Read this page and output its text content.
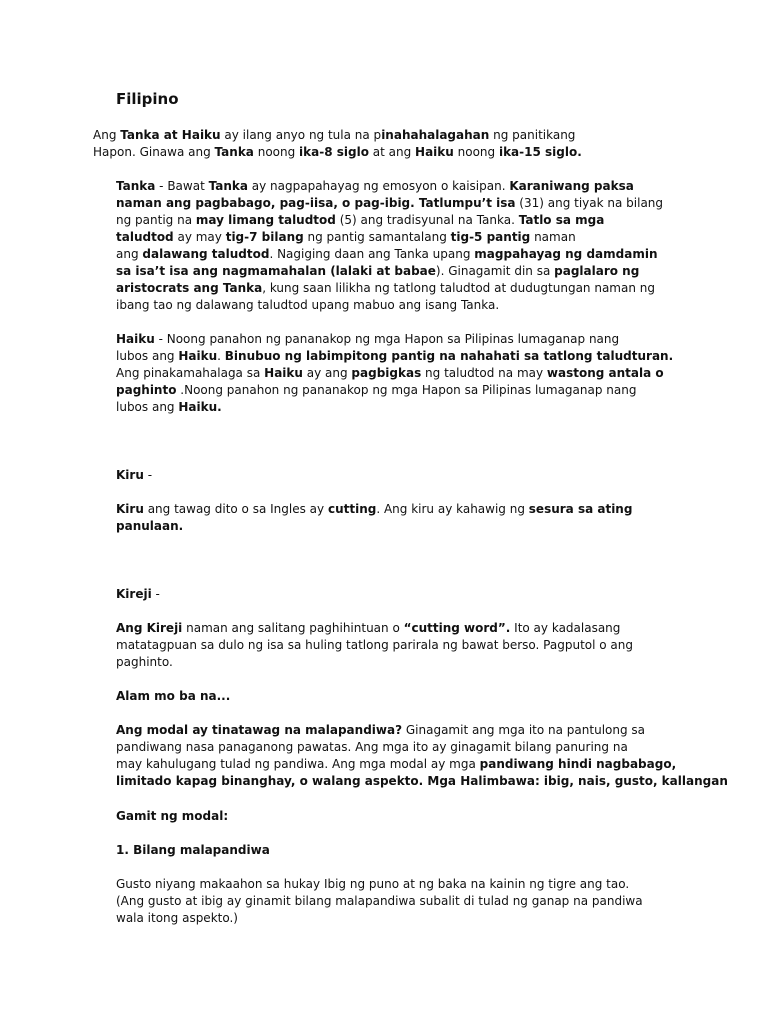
Filipino
Ang Tanka at Haiku ay ilang anyo ng tula na pinahahalagahan ng panitikang
Hapon. Ginawa ang Tanka noong ika-8 siglo at ang Haiku noong ika-15 siglo.
Tanka - Bawat Tanka ay nagpapahayag ng emosyon o kaisipan. Karaniwang paksa
naman ang pagbabago, pag-iisa, o pag-ibig. Tatlumpu’t isa (31) ang tiyak na bilang
ng pantig na may limang taludtod (5) ang tradisyunal na Tanka. Tatlo sa mga
taludtod ay may tig-7 bilang ng pantig samantalang tig-5 pantig naman
ang dalawang taludtod. Nagiging daan ang Tanka upang magpahayag ng damdamin
sa isa’t isa ang nagmamahalan (lalaki at babae). Ginagamit din sa paglalaro ng
aristocrats ang Tanka, kung saan lilikha ng tatlong taludtod at dudugtungan naman ng
ibang tao ng dalawang taludtod upang mabuo ang isang Tanka.
Haiku - Noong panahon ng pananakop ng mga Hapon sa Pilipinas lumaganap nang
lubos ang Haiku. Binubuo ng labimpitong pantig na nahahati sa tatlong taludturan.
Ang pinakamahalaga sa Haiku ay ang pagbigkas ng taludtod na may wastong antala o
paghinto .Noong panahon ng pananakop ng mga Hapon sa Pilipinas lumaganap nang
lubos ang Haiku.
Kiru -
Kiru ang tawag dito o sa Ingles ay cutting. Ang kiru ay kahawig ng sesura sa ating
panulaan.
Kireji -
Ang Kireji naman ang salitang paghihintuan o “cutting word”. Ito ay kadalasang
matatagpuan sa dulo ng isa sa huling tatlong parirala ng bawat berso. Pagputol o ang
paghinto.
Alam mo ba na...
Ang modal ay tinatawag na malapandiwa? Ginagamit ang mga ito na pantulong sa
pandiwang nasa panaganong pawatas. Ang mga ito ay ginagamit bilang panuring na
may kahulugang tulad ng pandiwa. Ang mga modal ay mga pandiwang hindi nagbabago,
limitado kapag binanghay, o walang aspekto. Mga Halimbawa: ibig, nais, gusto, kallangan
Gamit ng modal:
1. Bilang malapandiwa
Gusto niyang makaahon sa hukay Ibig ng puno at ng baka na kainin ng tigre ang tao.
(Ang gusto at ibig ay ginamit bilang malapandiwa subalit di tulad ng ganap na pandiwa
wala itong aspekto.)
